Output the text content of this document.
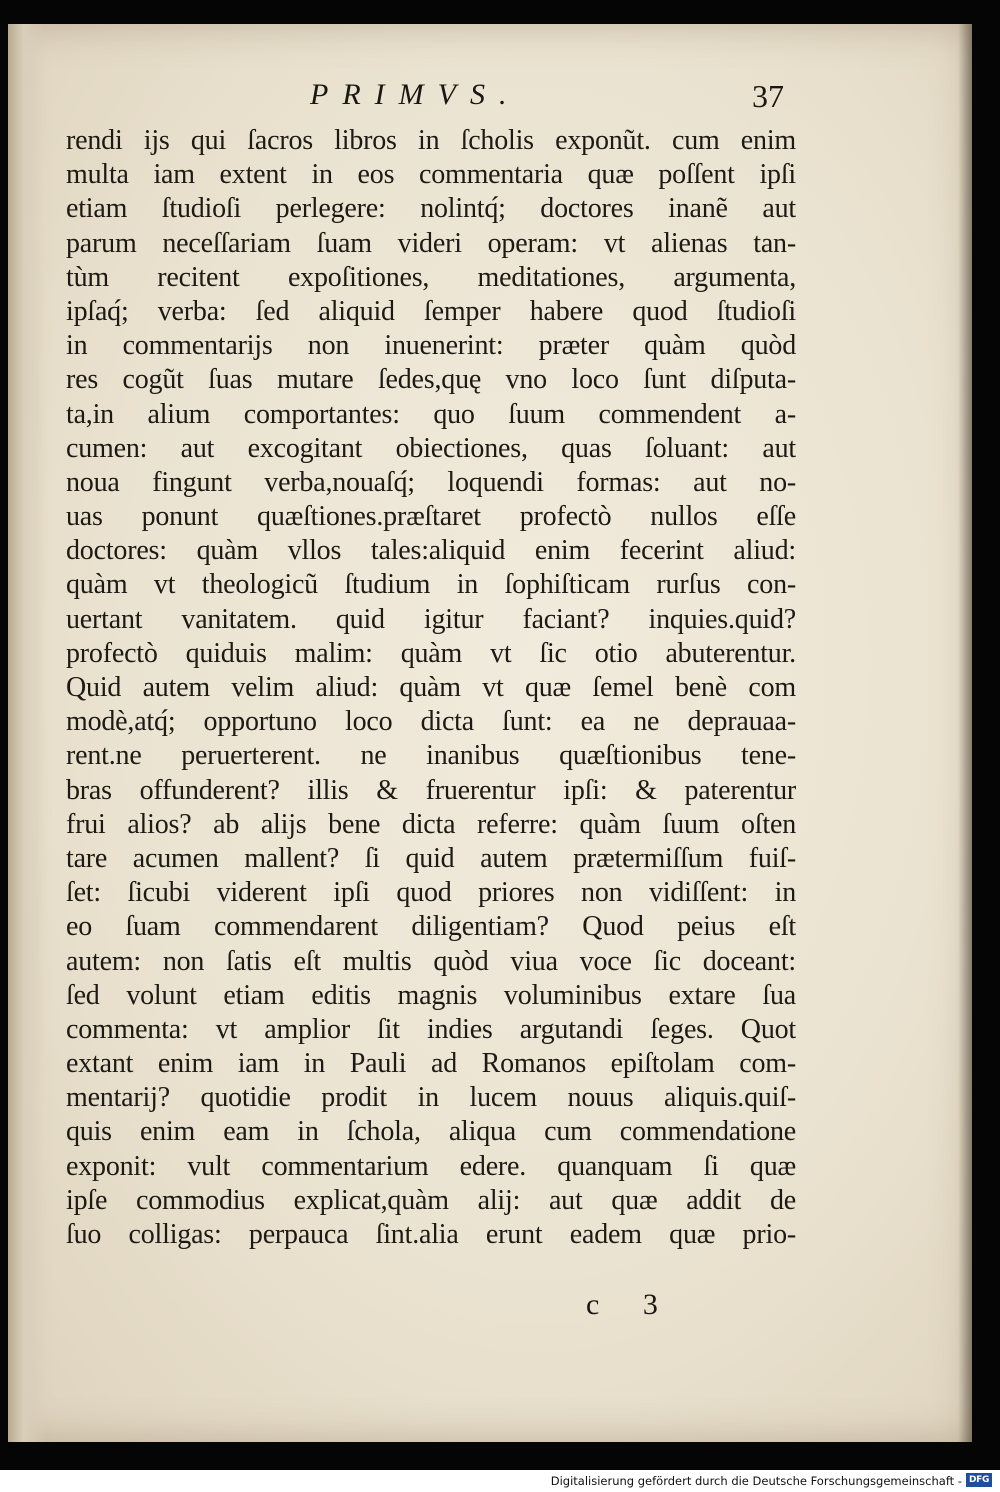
PRIMVS.	37
rendi ijs qui ſacros libros in ſcholis exponũt. cum enim
multa iam extent in eos commentaria quæ poſſent ipſi
etiam ſtudioſi perlegere: nolintq́; doctores inanẽ aut
parum neceſſariam ſuam videri operam: vt alienas tan-
tùm recitent expoſitiones, meditationes, argumenta,
ipſaq́; verba: ſed aliquid ſemper habere quod ſtudioſi
in commentarijs non inuenerint: præter quàm quòd
res cogũt ſuas mutare ſedes,quę vno loco ſunt diſputa-
ta,in alium comportantes: quo ſuum commendent a-
cumen: aut excogitant obiectiones, quas ſoluant: aut
noua fingunt verba,nouaſq́; loquendi formas: aut no-
uas ponunt quæſtiones.præſtaret profectò nullos eſſe
doctores: quàm vllos tales:aliquid enim fecerint aliud:
quàm vt theologicũ ſtudium in ſophiſticam rurſus con-
uertant vanitatem. quid igitur faciant? inquies.quid?
profectò quiduis malim: quàm vt ſic otio abuterentur.
Quid autem velim aliud: quàm vt quæ ſemel benè com
modè,atq́; opportuno loco dicta ſunt: ea ne deprauaa-
rent.ne peruerterent. ne inanibus quæſtionibus tene-
bras offunderent? illis & fruerentur ipſi: & paterentur
frui alios? ab alijs bene dicta referre: quàm ſuum oſten
tare acumen mallent? ſi quid autem prætermiſſum fuiſ-
ſet: ſicubi viderent ipſi quod priores non vidiſſent: in
eo ſuam commendarent diligentiam? Quod peius eſt
autem: non ſatis eſt multis quòd viua voce ſic doceant:
ſed volunt etiam editis magnis voluminibus extare ſua
commenta: vt amplior ſit indies argutandi ſeges. Quot
extant enim iam in Pauli ad Romanos epiſtolam com-
mentarij? quotidie prodit in lucem nouus aliquis.quiſ-
quis enim eam in ſchola, aliqua cum commendatione
exponit: vult commentarium edere. quanquam ſi quæ
ipſe commodius explicat,quàm alij: aut quæ addit de
ſuo colligas: perpauca ſint.alia erunt eadem quæ prio-
c 3
Digitalisierung gefördert durch die Deutsche Forschungsgemeinschaft - DFG
